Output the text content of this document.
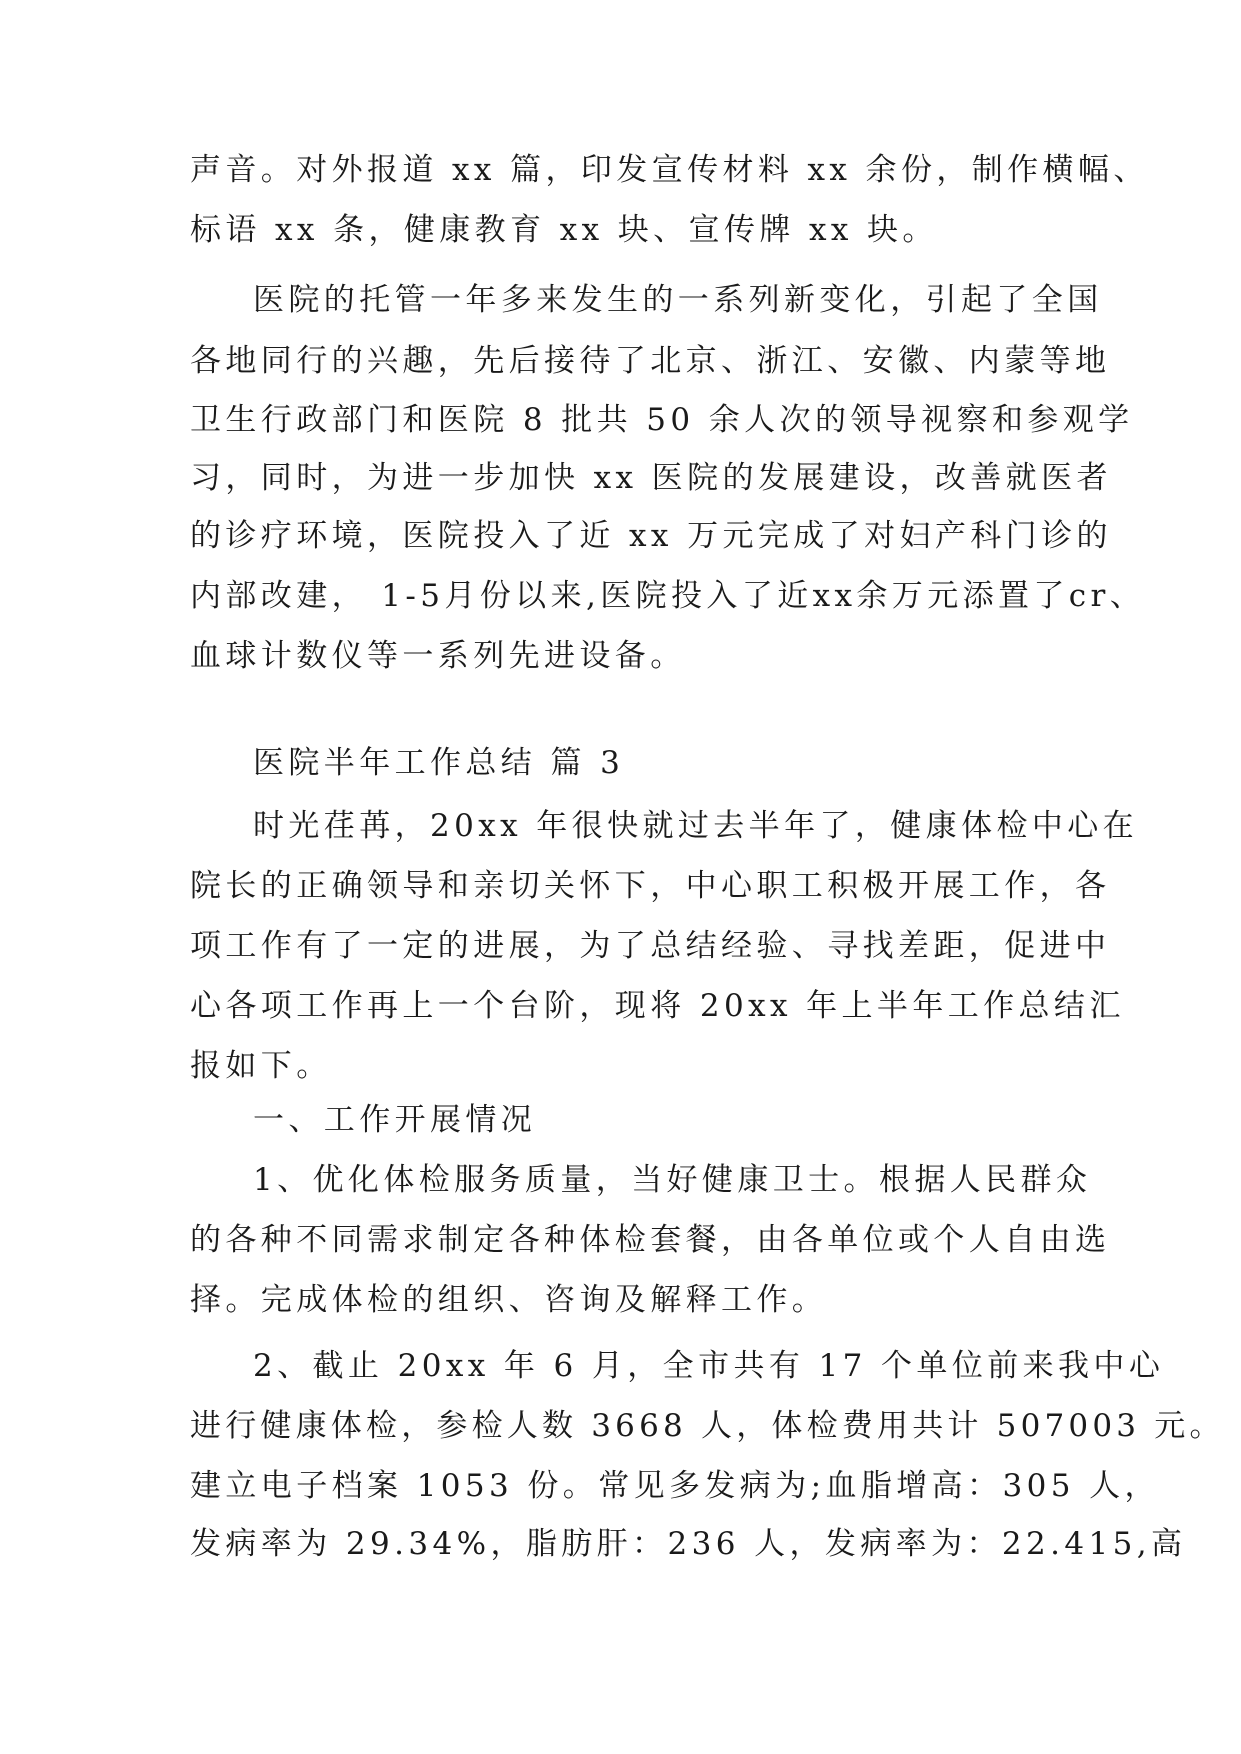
声音。对外报道 xx 篇，印发宣传材料 xx 余份，制作横幅、
标语 xx 条，健康教育 xx 块、宣传牌 xx 块。
医院的托管一年多来发生的一系列新变化，引起了全国
各地同行的兴趣，先后接待了北京、浙江、安徽、内蒙等地
卫生行政部门和医院 8 批共 50 余人次的领导视察和参观学
习，同时，为进一步加快 xx 医院的发展建设，改善就医者
的诊疗环境，医院投入了近 xx 万元完成了对妇产科门诊的
内部改建， 1-5月份以来,医院投入了近xx余万元添置了cr、
血球计数仪等一系列先进设备。
医院半年工作总结 篇 3
时光荏苒，20xx 年很快就过去半年了，健康体检中心在
院长的正确领导和亲切关怀下，中心职工积极开展工作，各
项工作有了一定的进展，为了总结经验、寻找差距，促进中
心各项工作再上一个台阶，现将 20xx 年上半年工作总结汇
报如下。
一、工作开展情况
1、优化体检服务质量，当好健康卫士。根据人民群众
的各种不同需求制定各种体检套餐，由各单位或个人自由选
择。完成体检的组织、咨询及解释工作。
2、截止 20xx 年 6 月，全市共有 17 个单位前来我中心
进行健康体检，参检人数 3668 人，体检费用共计 507003 元。
建立电子档案 1053 份。常见多发病为;血脂增高：305 人，
发病率为 29.34%，脂肪肝：236 人，发病率为：22.415,高
